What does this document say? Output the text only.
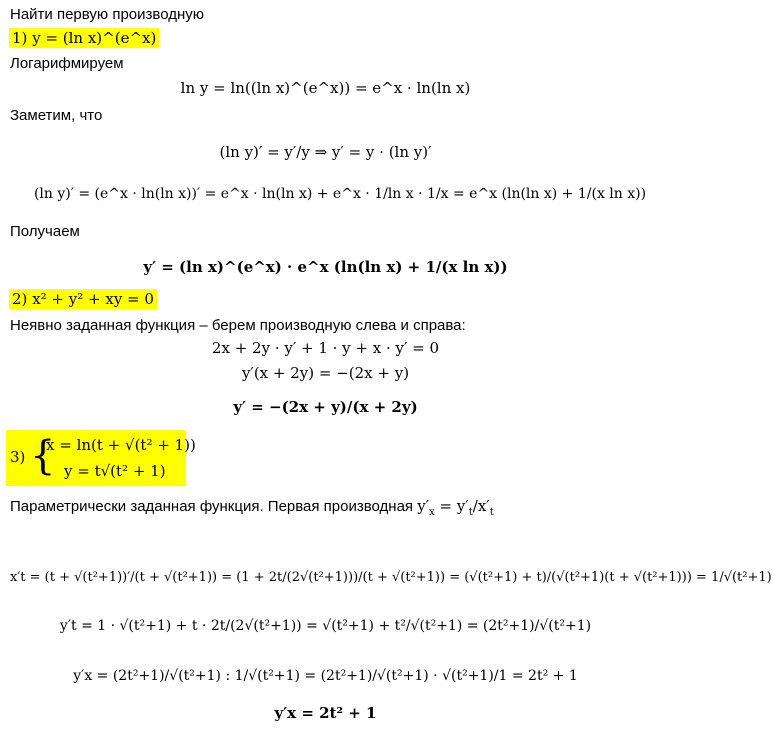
Найти первую производную
1) y = (ln x)^(e^x)
Логарифмируем
ln y = ln((ln x)^(e^x)) = e^x · ln(ln x)
Заметим, что
(ln y)′ = y′/y ⇒ y′ = y · (ln y)′
(ln y)′ = (e^x · ln(ln x))′ = e^x · ln(ln x) + e^x · 1/ln x · 1/x = e^x (ln(ln x) + 1/(x ln x))
Получаем
y′ = (ln x)^(e^x) · e^x (ln(ln x) + 1/(x ln x))
2) x² + y² + xy = 0
Неявно заданная функция – берем производную слева и справа:
2x + 2y · y′ + 1 · y + x · y′ = 0
y′(x + 2y) = −(2x + y)
y′ = −(2x + y)/(x + 2y)
3) {
x = ln(t + √(t² + 1))
y = t√(t² + 1)
Параметрически заданная функция. Первая производная $y'_x = y'_t/x'_t$
x′t = (t + √(t²+1))′/(t + √(t²+1)) = (1 + 2t/(2√(t²+1)))/(t + √(t²+1)) = (√(t²+1) + t)/(√(t²+1)(t + √(t²+1))) = 1/√(t²+1)
y′t = 1 · √(t²+1) + t · 2t/(2√(t²+1)) = √(t²+1) + t²/√(t²+1) = (2t²+1)/√(t²+1)
y′x = (2t²+1)/√(t²+1) : 1/√(t²+1) = (2t²+1)/√(t²+1) · √(t²+1)/1 = 2t² + 1
y′x = 2t² + 1
